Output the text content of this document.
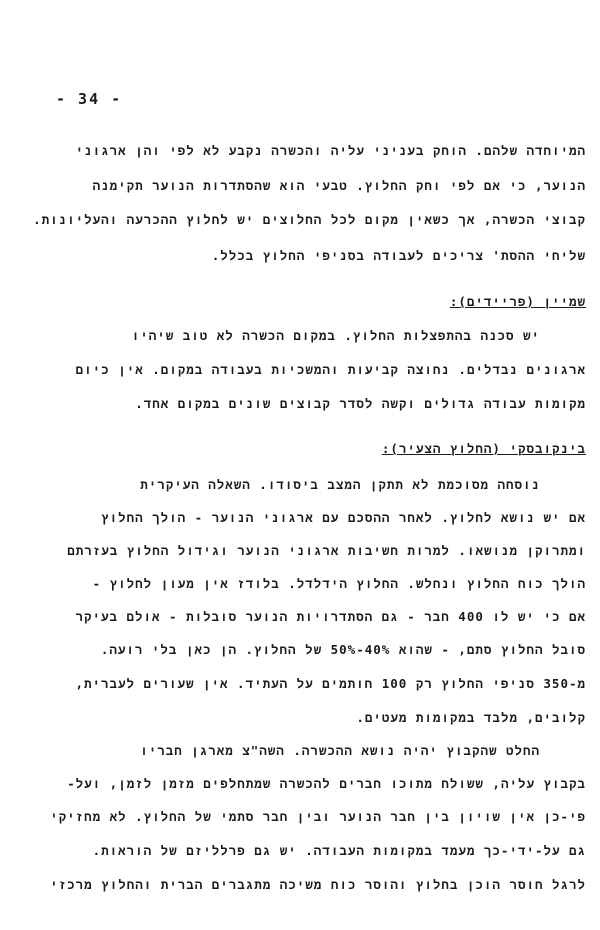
- 34 -
המיוחדה שלהם. הוחק בעניני עליה והכשרה נקבע לא לפי והן ארגוני
הנוער, כי אם לפי וחק החלוץ. טבעי הוא שהסתדרות הנוער תקימנה
קבוצי הכשרה, אך כשאין מקום לכל החלוצים יש לחלוץ ההכרעה והעליונות.
שליחי ההסת' צריכים לעבודה בסניפי החלוץ בכלל.
שמיין (פריידים):
יש סכנה בהתפצלות החלוץ. במקום הכשרה לא טוב שיהיו
ארגונים נבדלים. נחוצה קביעות והמשכיות בעבודה במקום. אין כיום
מקומות עבודה גדולים וקשה לסדר קבוצים שונים במקום אחד.
בינקובסקי (החלוץ הצעיר):
נוסחה מסוכמת לא תתקן המצב ביסודו. השאלה העיקרית
אם יש נושא לחלוץ. לאחר ההסכם עם ארגוני הנוער - הולך החלוץ
ומתרוקן מנושאו. למרות חשיבות ארגוני הנוער וגידול החלוץ בעזרתם
הולך כוח החלוץ ונחלש. החלוץ הידלדל. בלודז אין מעון לחלוץ -
אם כי יש לו 400 חבר - גם הסתדרויות הנוער סובלות - אולם בעיקר
סובל החלוץ סתם, - שהוא 40%-50% של החלוץ. הן כאן בלי רועה.
מ-350 סניפי החלוץ רק 100 חותמים על העתיד. אין שעורים לעברית,
קלובים, מלבד במקומות מעטים.
החלט שהקבוץ יהיה נושא ההכשרה. השה"צ מארגן חבריו
בקבוץ עליה, ששולח מתוכו חברים להכשרה שמתחלפים מזמן לזמן, ועל-
פי-כן אין שויון בין חבר הנוער ובין חבר סתמי של החלוץ. לא מחזיקי
גם על-ידי-כך מעמד במקומות העבודה. יש גם פרלליזם של הוראות.
לרגל חוסר הוכן בחלוץ והוסר כוח משיכה מתגברים הברית והחלוץ מרכזי
